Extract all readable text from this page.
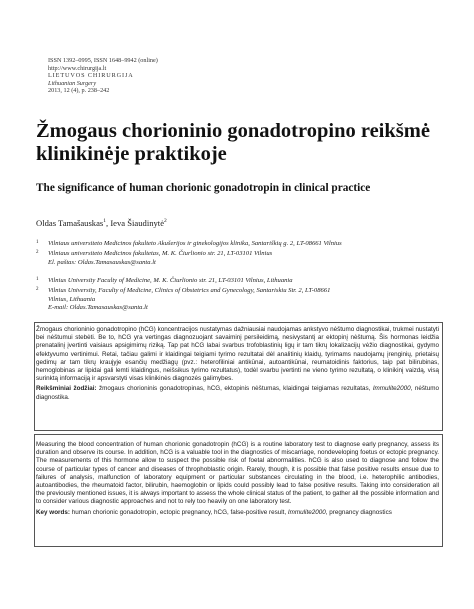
ISSN 1392–0995, ISSN 1648–9942 (online)
http://www.chirurgija.lt
LIETUVOS CHIRURGIJA
Lithuanian Surgery
2013, 12 (4), p. 238–242
Žmogaus chorioninio gonadotropino reikšmė klinikinėje praktikoje
The significance of human chorionic gonadotropin in clinical practice
Oldas Tamašauskas$^1$, Ieva Šiaudinytė$^2$
1 Vilniaus universiteto Medicinos fakulteto Akušerijos ir ginekologijos klinika, Santariškių g. 2, LT-08661 Vilnius
2 Vilniaus universiteto Medicinos fakultetas, M. K. Čiurlionio str. 21, LT-03101 Vilnius
El. paštas: Oldas.Tamasauskas@santa.lt
1 Vilnius University Faculty of Medicine, M. K. Čiurlionio str. 21, LT-03101 Vilnius, Lithuania
2 Vilnius University, Faculty of Medicine, Clinics of Obstetrics and Gynecology, Santariskiu Str. 2, LT-08661
Vilnius, Lithuania
E-mail: Oldas.Tamasauskas@santa.lt

Žmogaus chorioninio gonadotropino (hCG) koncentracijos nustatymas dažniausiai naudojamas ankstyvo nėštumo diagnostikai, trukmei nustatyti bei nėštumui stebėti. Be to, hCG yra vertingas diagnozuojant savaiminį persileidimą, nesivystantį ar ektopinį nėštumą. Šis hormonas leidžia prenatalinį įvertinti vaisiaus apsigimimų riziką. Tap pat hCG labai svarbus trofoblastinių ligų ir tam tikrų lokalizacijų vėžio diagnostikai, gydymo efektyvumo vertinimui. Retai, tačiau galimi ir klaidingai teigiami tyrimo rezultatai dėl analitinių klaidų, tyrimams naudojamų įrenginių, prietaisų gedimų ar tam tikrų kraujyje esančių medžiagų (pvz.: heterofiliniai antikūnai, autoantikūnai, reumatoidinis faktorius, taip pat bilirubinas, hemoglobinas ar lipidai gali lemti klaidingus, neišsikus tyrimo rezultatus), todėl svarbu įvertinti ne vieno tyrimo rezultatą, o klinikinį vaizdą, visą surinktą informaciją ir apsvarstyti visas klinikinės diagnozės galimybes.

Reikšminiai žodžiai: žmogaus chorioninis gonadotropinas, hCG, ektopinis nėštumas, klaidingai teigiamas rezultatas, Immulite2000, nėštumo diagnostika.

Measuring the blood concentration of human chorionic gonadotropin (hCG) is a routine laboratory test to diagnose early pregnancy, assess its duration and observe its course. In addition, hCG is a valuable tool in the diagnostics of miscarriage, nondeveloping foetus or ectopic pregnancy. The measurements of this hormone allow to suspect the possible risk of foetal abnormalities. hCG is also used to diagnose and follow the course of particular types of cancer and diseases of throphoblastic origin. Rarely, though, it is possible that false positive results ensue due to failures of analysis, malfunction of laboratory equipment or particular substances circulating in the blood, i.e. heterophilic antibodies, autoantibodies, the rheumatoid factor, bilirubin, haemoglobin or lipids could possibly lead to false positive results. Taking into consideration all the previously mentioned issues, it is always important to assess the whole clinical status of the patient, to gather all the possible information and to consider various diagnostic approaches and not to rely too heavily on one laboratory test.

Key words: human chorionic gonadotropin, ectopic pregnancy, hCG, false-positive result, Immulite2000, pregnancy diagnostics
